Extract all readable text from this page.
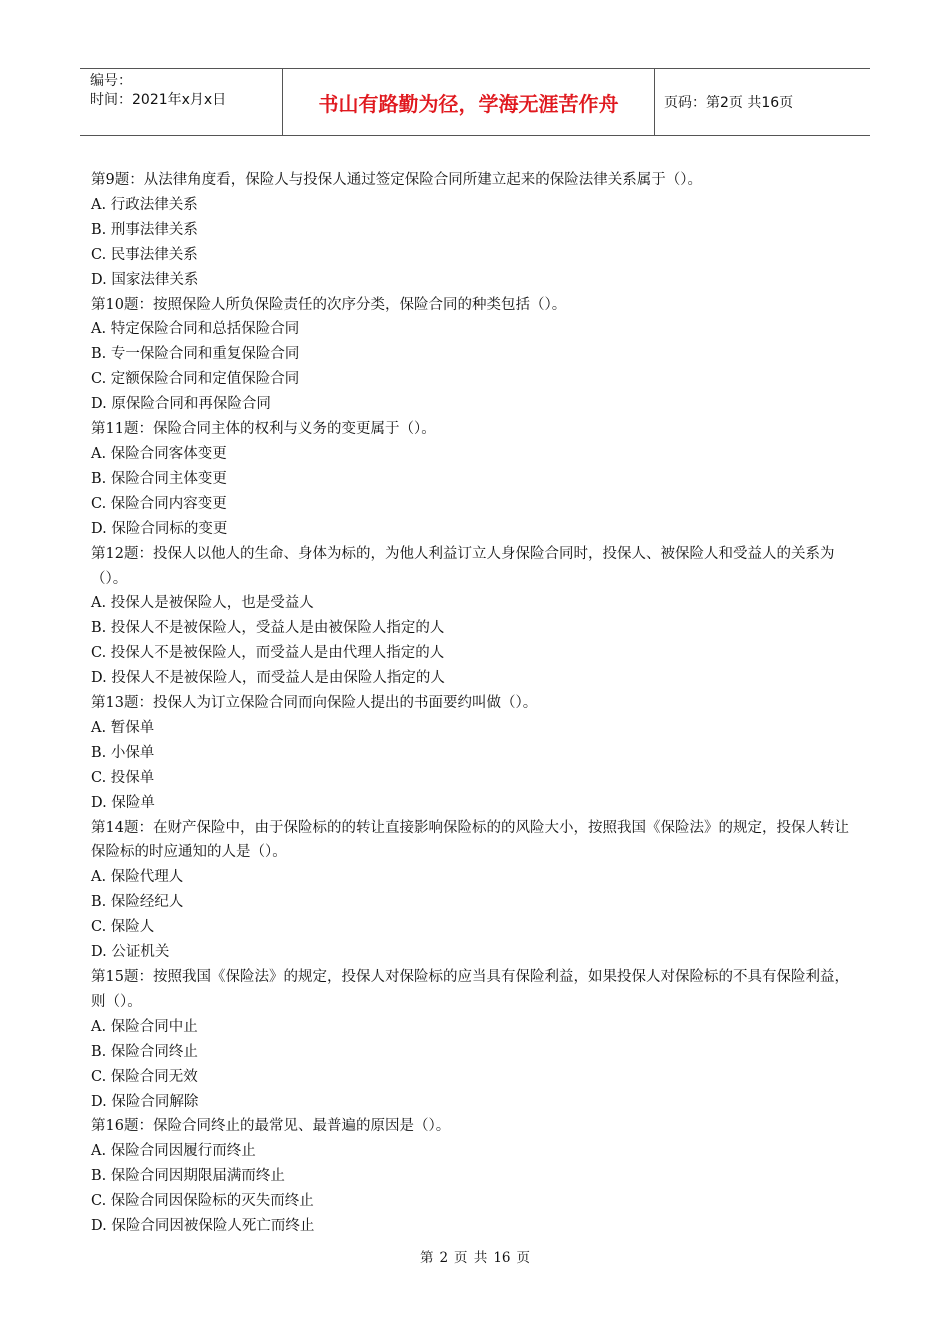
编号：
时间：2021年x月x日	书山有路勤为径，学海无涯苦作舟	页码：第2页 共16页

第9题：从法律角度看，保险人与投保人通过签定保险合同所建立起来的保险法律关系属于（）。

A. 行政法律关系

B. 刑事法律关系

C. 民事法律关系

D. 国家法律关系

第10题：按照保险人所负保险责任的次序分类，保险合同的种类包括（）。

A. 特定保险合同和总括保险合同

B. 专一保险合同和重复保险合同

C. 定额保险合同和定值保险合同

D. 原保险合同和再保险合同

第11题：保险合同主体的权利与义务的变更属于（）。

A. 保险合同客体变更

B. 保险合同主体变更

C. 保险合同内容变更

D. 保险合同标的变更

第12题：投保人以他人的生命、身体为标的，为他人利益订立人身保险合同时，投保人、被保险人和受益人的关系为（）。

A. 投保人是被保险人，也是受益人

B. 投保人不是被保险人，受益人是由被保险人指定的人

C. 投保人不是被保险人，而受益人是由代理人指定的人

D. 投保人不是被保险人，而受益人是由保险人指定的人

第13题：投保人为订立保险合同而向保险人提出的书面要约叫做（）。

A. 暂保单

B. 小保单

C. 投保单

D. 保险单

第14题：在财产保险中，由于保险标的的转让直接影响保险标的的风险大小，按照我国《保险法》的规定，投保人转让保险标的时应通知的人是（）。

A. 保险代理人

B. 保险经纪人

C. 保险人

D. 公证机关

第15题：按照我国《保险法》的规定，投保人对保险标的应当具有保险利益，如果投保人对保险标的不具有保险利益，则（）。

A. 保险合同中止

B. 保险合同终止

C. 保险合同无效

D. 保险合同解除

第16题：保险合同终止的最常见、最普遍的原因是（）。

A. 保险合同因履行而终止

B. 保险合同因期限届满而终止

C. 保险合同因保险标的灭失而终止

D. 保险合同因被保险人死亡而终止

第 2 页 共 16 页
